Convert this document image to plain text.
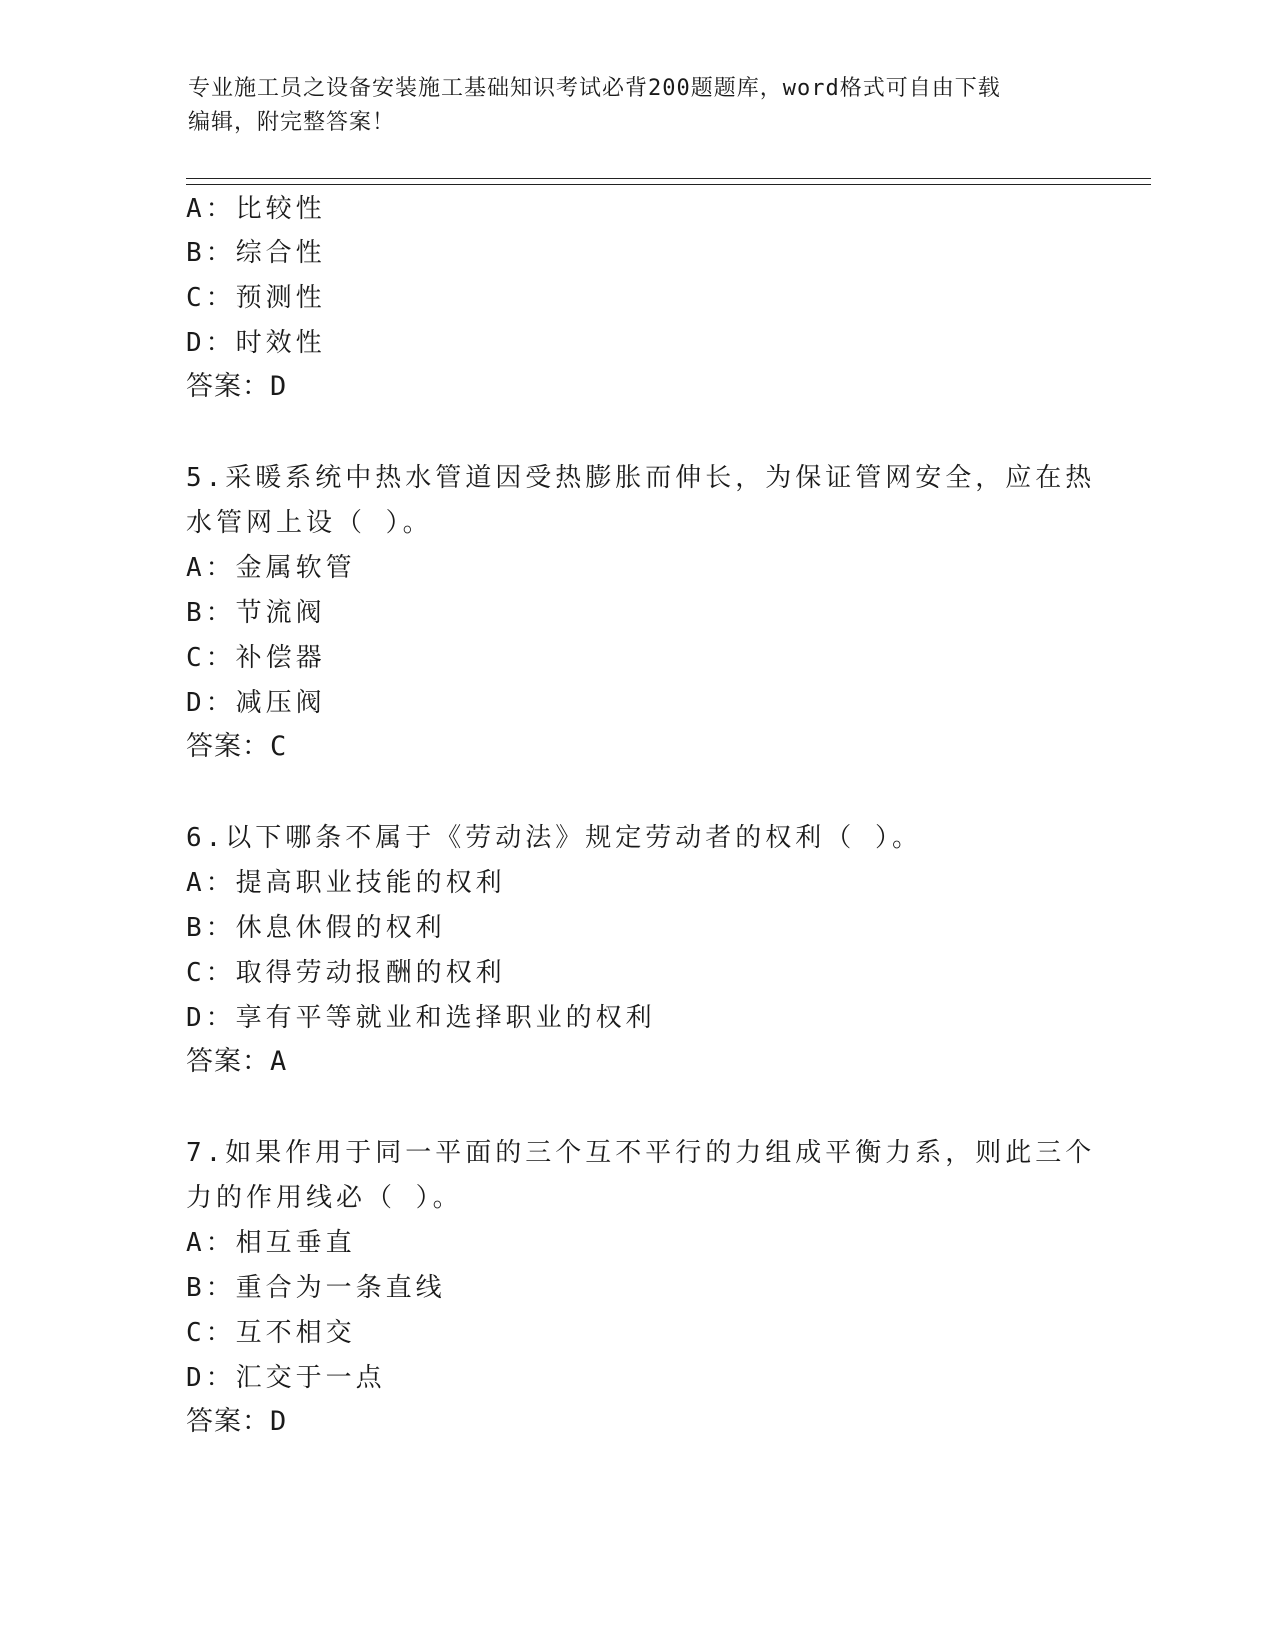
专业施工员之设备安装施工基础知识考试必背200题题库，word格式可自由下载
编辑，附完整答案！
A：比较性
B：综合性
C：预测性
D：时效性
答案：D
5.采暖系统中热水管道因受热膨胀而伸长，为保证管网安全，应在热
水管网上设（ ）。
A：金属软管
B：节流阀
C：补偿器
D：减压阀
答案：C
6.以下哪条不属于《劳动法》规定劳动者的权利（ ）。
A：提高职业技能的权利
B：休息休假的权利
C：取得劳动报酬的权利
D：享有平等就业和选择职业的权利
答案：A
7.如果作用于同一平面的三个互不平行的力组成平衡力系，则此三个
力的作用线必（ ）。
A：相互垂直
B：重合为一条直线
C：互不相交
D：汇交于一点
答案：D
